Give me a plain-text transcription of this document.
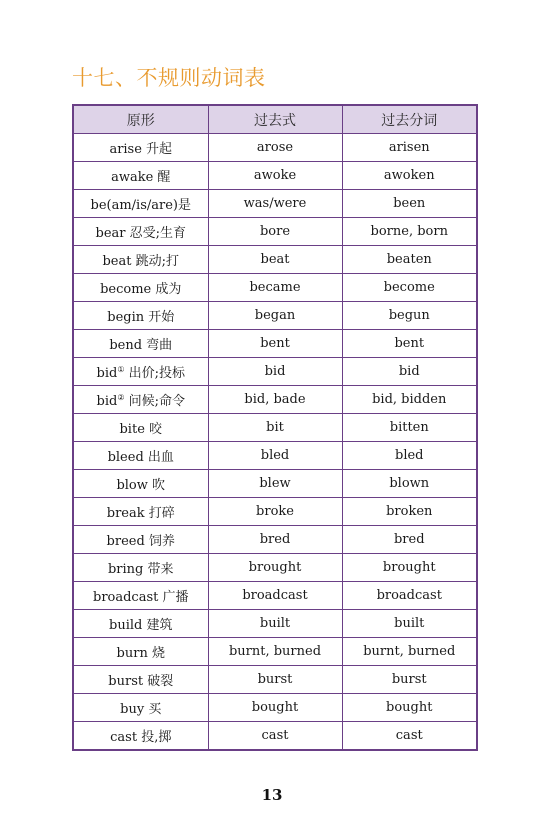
十七、不规则动词表
原形	过去式	过去分词
arise 升起	arose	arisen
awake 醒	awoke	awoken
be(am/is/are)是	was/were	been
bear 忍受;生育	bore	borne, born
beat 跳动;打	beat	beaten
become 成为	became	become
begin 开始	began	begun
bend 弯曲	bent	bent
bid① 出价;投标	bid	bid
bid② 问候;命令	bid, bade	bid, bidden
bite 咬	bit	bitten
bleed 出血	bled	bled
blow 吹	blew	blown
break 打碎	broke	broken
breed 饲养	bred	bred
bring 带来	brought	brought
broadcast 广播	broadcast	broadcast
build 建筑	built	built
burn 烧	burnt, burned	burnt, burned
burst 破裂	burst	burst
buy 买	bought	bought
cast 投,掷	cast	cast
13
